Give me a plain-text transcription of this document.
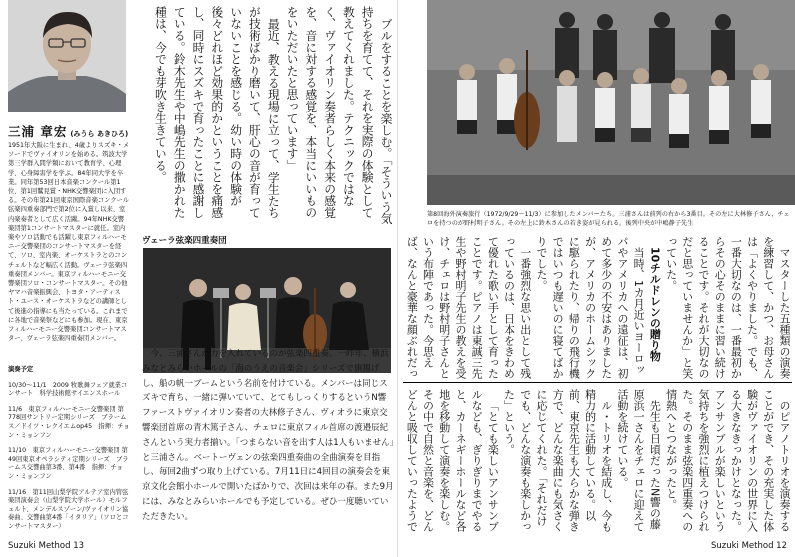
三浦 章宏 (みうら あきひろ)
1951年大阪に生まれ、4歳よりスズキ・メソードでヴァイオリンを始める。筑波大学第三学群入間学類において教育学、心理学、心身障害学を学ぶ。84年同大学を卒業。同年第53回日本音楽コンクール第1位、第1回鷲見賞・NHK交響楽団に入団する。その年第21回東京国際音楽コンクール弦楽四重奏部門で第2位に入賞し以来、室内楽奏者として広く活躍。94年NHK交響楽団第1コンサートマスターに就任。室内楽やソロ活動でも活躍し東京フィルハーモニー交響楽団のコンサートマスターを経て、ソロ、室内楽、オーケストラとのコンチェルトなど幅広く活動。ヴェーラ弦楽四重奏団メンバー。東京フィルハーモニー交響楽団ソロ・コンサートマスター。その他ヤマハ音楽振興会、トヨタ・アーティスト・ユース・オーケストラなどの講師として後進の指導にも当たっている。これまでに各地で音楽祭などにも参加。現在、東京フィルハーモニー交響楽団コンサートマスター、ヴェーラ弦楽四重奏団メンバー。
演奏予定
10/30～11/1　2009 牧歌舞フェア就業コンサート　科学技術館サイエンスホール
11/6　東京フィルハーモニー交響楽団 第778回サントリー定期シリーズ　ブラームス／ドイツ・レクイエムop45　指揮：チョン・ミョンフン
11/10　東京フィルハーモニー交響楽団 第49回東京オペラシティ定期シリーズ　ブラームス交響曲第3番、第4番　指揮：チョン・ミョンフン
11/16　第11回山梨学院アルテア室内管弦楽団演奏会（山梨学院大学ホール）モルフェルト、メンデルスゾーン/ヴァイオリン協奏曲、交響曲第4番「イタリア」（ソロとコンサートマスター）

ブルをすることを楽しむ。「そういう気持ちを育てて、それを実際の体験として教えてくれました。テクニックではなく、ヴァイオリン奏者らしく本来の感覚を、音に対する感覚を、本当にいいものをいただいたと思っています」

最近、教える現場に立って、学生たちが技術ばかり磨いて、肝心の音が育っていないことを感じる。幼い時の体験が後々どれほど効果的かということを痛感し、同時にスズキで育ったことに感謝している。鈴木先生や中嶋先生の撒かれた種は、今でも芽吹き生きている。

ヴェーラ弦楽四重奏団
今、三浦さんが力を入れているのが弦楽四重奏。一昨年、横浜みなとみらいホールの「海のうえの音楽会」シリーズで旗揚げし、船の帆一ブームという名前を付けている。メンバーは同じスズキで育ち、一緒に弾いていて、とてもしっくりするというN響ファーストヴァイオリン奏者の大林修子さん、ヴィオラに東京交響楽団首席の青木篤子さん、チェロに東京フィル首席の渡邉辰紀さんという実力者揃い。「つまらない音を出す人は1人もいません」と三浦さん。ベートーヴェンの弦楽四重奏曲の全曲演奏を目指し、毎回2曲ずつ取り上げている。7月11日に4回目の演奏会を東京文化会館小ホールで開いたばかりで、次回は来年の春。また9月には、みなとみらいホールでも予定している。ぜひ一度聴いていただきたい。
Suzuki Method 13
第8回海外演奏旅行（1972/9/29～11/3）に参加したメンバーたち。三浦さんは前列の右から3番目。その左に大林修子さん、チェロを持つのが野村明子さん。その左上に鈴木さんの若き姿が見られる。後列中央が中嶋静子先生

マスターした五種類の演奏を練習して、かつ、お母さんは「よくやりました。でも、一番大切なのは、一番最初からその心そのままに習い続けることです。それが大切なのだと思っていませんか」と笑っていた。

10チルドレンの贈り物

当時、1カ月近いヨーロッパやアメリカへの遠征は、初めて多少の不安はありましたが、アメリカのホームシックに駆られたり、帰りの飛行機ではいつも遅いのに寝てばかりでした。

一番強烈な思い出として残っているのは、日本をきわめて優れた歌い手として育ったことです。ピアノは東誠三先生や野村明子先生の教えを受け、チェロは野村明子さんという布陣であった。今思えば、なんと豪華な顔ぶれだっ

のピアノトリオを演奏することができ、その充実した体験がヴァイオリンの世界に入る大きなきっかけとなった。アンサンブルが楽しいという気持ちを強烈に植えつけられた。そのまま弦楽四重奏への情熱へとつながったと。

先生も日頃だったN響の藤原浜一さんをチェロに迎えて活動を続けている。

ル・トリオを結成し、今も精力的に活動している。以前、東京先生も大らかな弾き方で、どんな楽曲にも気さくに応じてくれた。「それだけでも、どんな演奏も楽しかった」という。

「とても楽しいアンサンブルなども、ぎりぎりまでやると、カーネギーホールなど各地を移動して演奏を楽しむ。その中で自然と音楽を、どんどんと吸収していったようで

Suzuki Method 12
